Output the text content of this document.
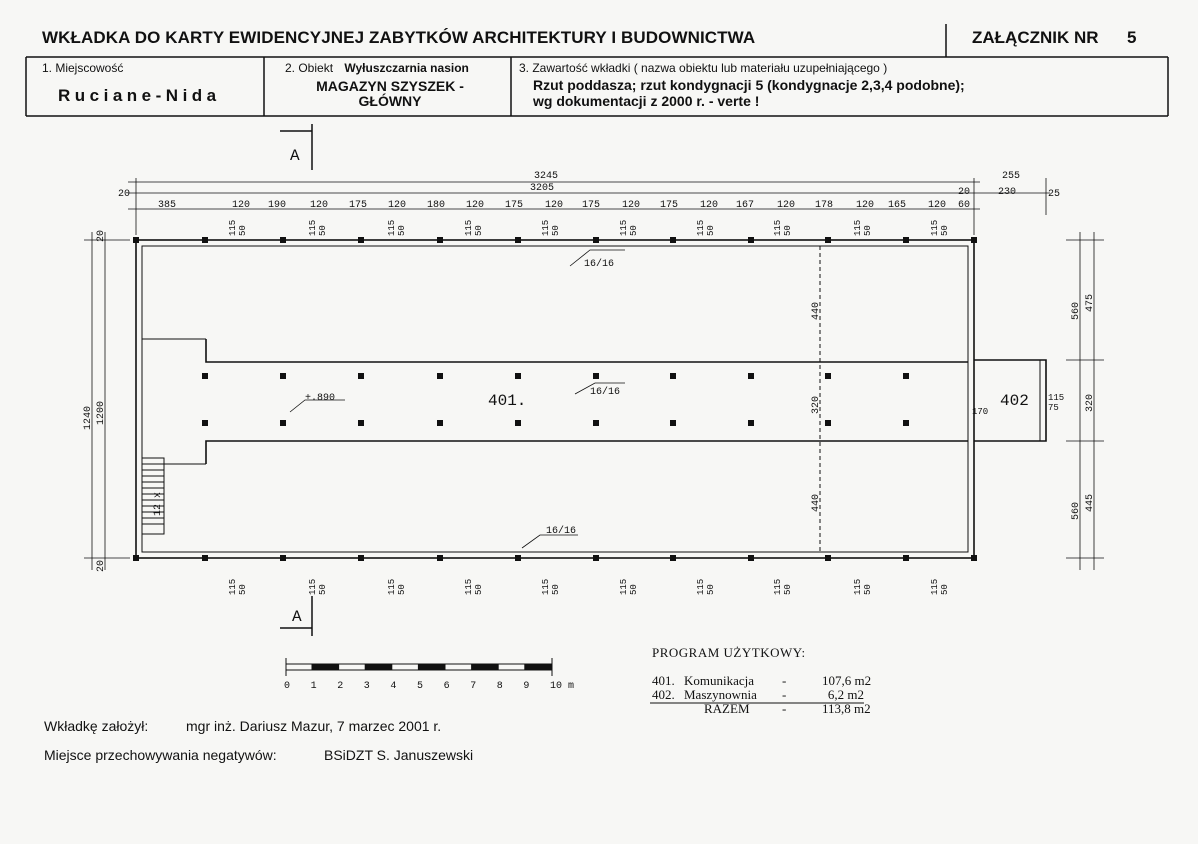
WKŁADKA DO KARTY EWIDENCYJNEJ ZABYTKÓW ARCHITEKTURY I BUDOWNICTWA	ZAŁĄCZNIK NR 5
A
A
3245
3205
255
230
20	20	25
385	120 190 120 175 120 180 120 175 120 175 120 175 120 167 120 178 120 165 120 60
16/16
16/16
16/16
+.890	401.	402 115
75
170
1240 1200
20
20
560 475
320
560 445
440
320
440
12 x
115 50
115 50
115 50
115 50
115 50
115 50
115 50
115 50
115 50
115 50
115 50
115 50
115 50
115 50
115 50
115 50
115 50
115 50
115 50
115 50
0 1 2 3 4 5 6 7 8 9 10 m
1. Miejscowość
Ruciane-Nida
2. Obiekt Wyłuszczarnia nasion
MAGAZYN SZYSZEK -
GŁÓWNY
3. Zawartość wkładki ( nazwa obiektu lub materiału uzupełniającego )
Rzut poddasza; rzut kondygnacji 5 (kondygnacje 2,3,4 podobne);
wg dokumentacji z 2000 r. - verte !
PROGRAM UŻYTKOWY:
401. Komunikacja -	107,6 m2
402. Maszynownia -	6,2 m2
RAZEM	-	113,8 m2
Wkładkę założył:	mgr inż. Dariusz Mazur, 7 marzec 2001 r.
Miejsce przechowywania negatywów:	BSiDZT S. Januszewski
